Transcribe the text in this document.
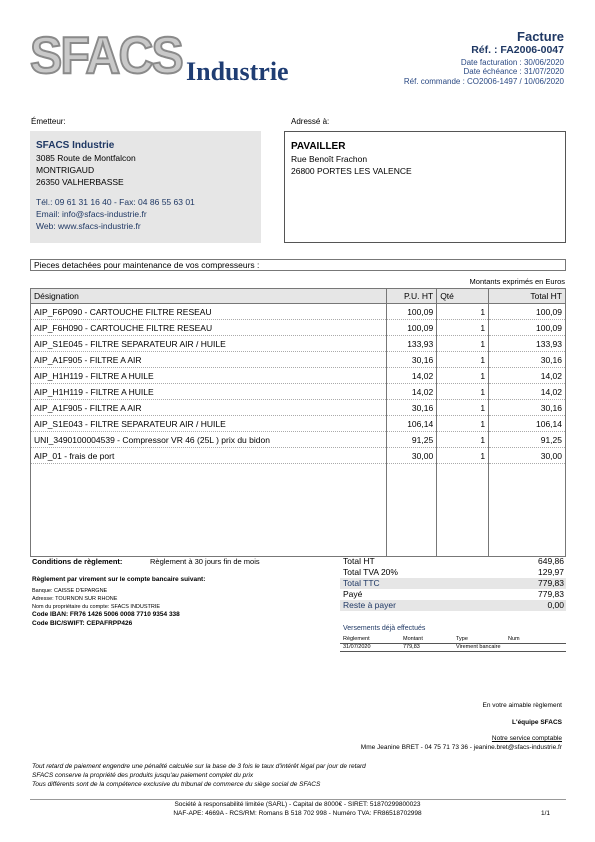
SFACS Industrie
Facture
Réf. : FA2006-0047
Date facturation : 30/06/2020
Date échéance : 31/07/2020
Réf. commande : CO2006-1497 / 10/06/2020
Émetteur:
SFACS Industrie
3085 Route de Montfalcon
MONTRIGAUD
26350 VALHERBASSE
Tél.: 09 61 31 16 40 - Fax: 04 86 55 63 01
Email: info@sfacs-industrie.fr
Web: www.sfacs-industrie.fr
Adressé à:
PAVAILLER
Rue Benoît Frachon
26800 PORTES LES VALENCE
Pieces detachées pour maintenance de vos compresseurs :
Montants exprimés en Euros
Désignation	P.U. HT	Qté	Total HT
AIP_F6P090 - CARTOUCHE FILTRE RESEAU	100,09	1	100,09
AIP_F6H090 - CARTOUCHE FILTRE RESEAU	100,09	1	100,09
AIP_S1E045 - FILTRE SEPARATEUR AIR / HUILE	133,93	1	133,93
AIP_A1F905 - FILTRE A AIR	30,16	1	30,16
AIP_H1H119 - FILTRE A HUILE	14,02	1	14,02
AIP_H1H119 - FILTRE A HUILE	14,02	1	14,02
AIP_A1F905 - FILTRE A AIR	30,16	1	30,16
AIP_S1E043 - FILTRE SEPARATEUR AIR / HUILE	106,14	1	106,14
UNI_3490100004539 - Compressor VR 46 (25L ) prix du bidon	91,25	1	91,25
AIP_01 - frais de port	30,00	1	30,00

Conditions de règlement:	Règlement à 30 jours fin de mois
Règlement par virement sur le compte bancaire suivant:
Banque: CAISSE D'EPARGNE
Adresse: TOURNON SUR RHONE
Nom du propriétaire du compte: SFACS INDUSTRIE
Code IBAN: FR76 1426 5006 0008 7710 9354 338
Code BIC/SWIFT: CEPAFRPP426
Total HT	649,86
Total TVA 20%	129,97
Total TTC	779,83
Payé	779,83
Reste à payer	0,00
Versements déjà effectués
Règlement	Montant	Type	Num
31/07/2020	779,83	Virement bancaire
En votre aimable règlement
L'équipe SFACS
Notre service comptable
Mme Jeanine BRET - 04 75 71 73 36 - jeanine.bret@sfacs-industrie.fr
Tout retard de paiement engendre une pénalité calculée sur la base de 3 fois le taux d'intérêt légal par jour de retard
SFACS conserve la propriété des produits jusqu'au paiement complet du prix
Tous différents sont de la compétence exclusive du tribunal de commerce du siège social de SFACS
Société à responsabilité limitée (SARL) - Capital de 8000€ - SIRET: 51870299800023
NAF-APE: 4669A - RCS/RM: Romans B 518 702 998 - Numéro TVA: FR86518702998	1/1
